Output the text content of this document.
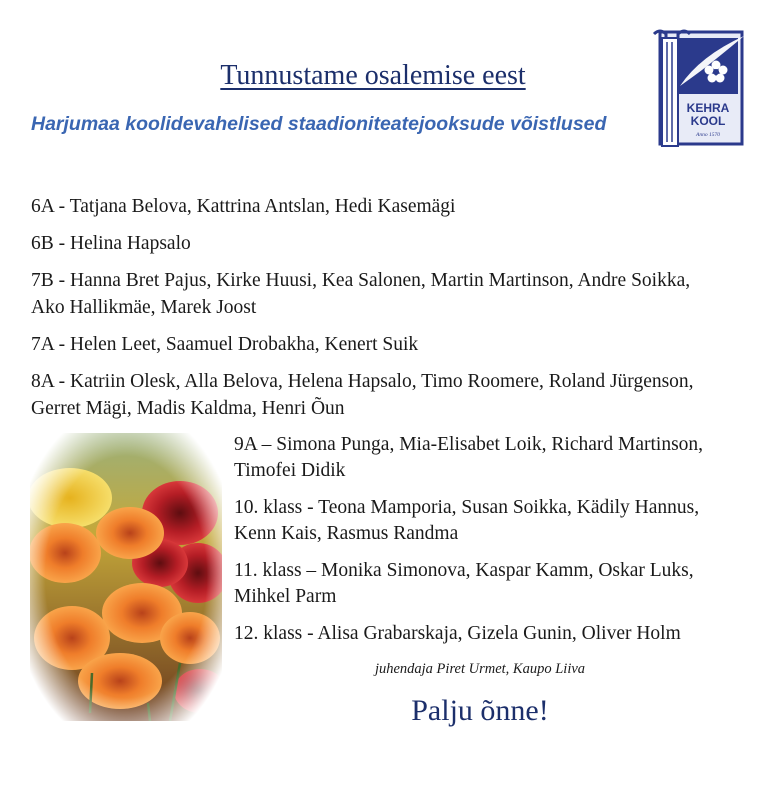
Tunnustame osalemise eest
Harjumaa koolidevahelised staadioniteatejooksude võistlused
KEHRA
KOOL
Anno 1570
6A - Tatjana Belova, Kattrina Antslan, Hedi Kasemägi
6B - Helina Hapsalo
7B - Hanna Bret Pajus, Kirke Huusi, Kea Salonen, Martin Martinson, Andre Soikka, Ako Hallikmäe, Marek Joost
7A - Helen Leet, Saamuel Drobakha, Kenert Suik
8A - Katriin Olesk, Alla Belova, Helena Hapsalo, Timo Roomere, Roland Jürgenson, Gerret Mägi, Madis Kaldma, Henri Õun
9A – Simona Punga, Mia-Elisabet Loik, Richard Martinson, Timofei Didik
10. klass - Teona Mamporia, Susan Soikka, Kädily Hannus, Kenn Kais, Rasmus Randma
11. klass – Monika Simonova, Kaspar Kamm, Oskar Luks, Mihkel Parm
12. klass - Alisa Grabarskaja, Gizela Gunin, Oliver Holm
juhendaja Piret Urmet, Kaupo Liiva
Palju õnne!
